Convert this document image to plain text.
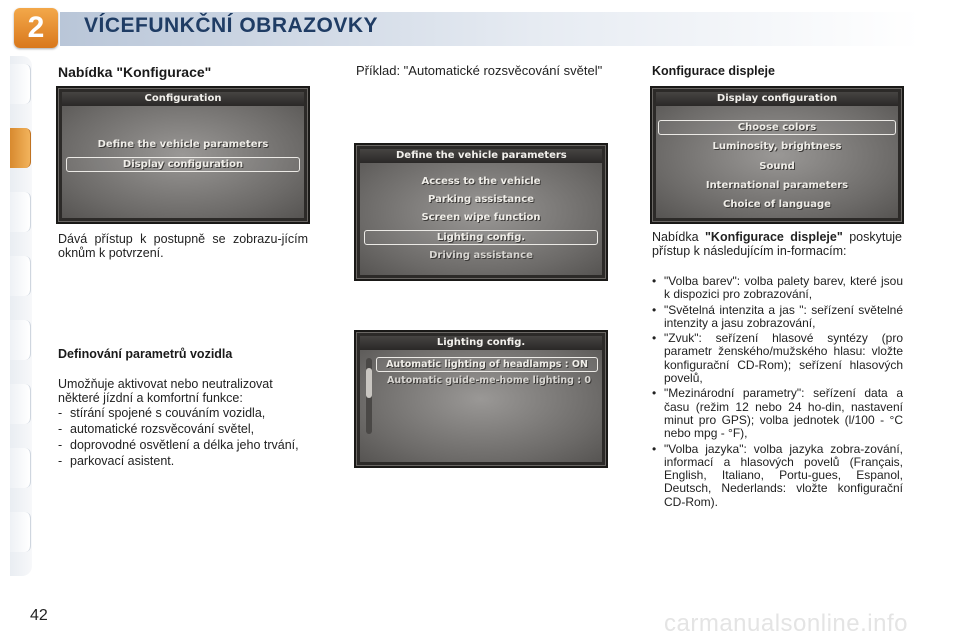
2	VÍCEFUNKČNÍ OBRAZOVKY
Nabídka "Konfigurace"
Configuration
Define the vehicle parameters
Display configuration
Dává přístup k postupně se zobrazu-jícím oknům k potvrzení.
Definování parametrů vozidla
Umožňuje aktivovat nebo neutralizovat některé jízdní a komfortní funkce:
- stírání spojené s couváním vozidla,
- automatické rozsvěcování světel,
- doprovodné osvětlení a délka jeho trvání,
- parkovací asistent.
Příklad: "Automatické rozsvěcování světel"
Define the vehicle parameters
Access to the vehicle
Parking assistance
Screen wipe function
Lighting config.
Driving assistance
Lighting config.
Automatic lighting of headlamps : ON
Automatic guide-me-home lighting : 0
Konfigurace displeje
Display configuration
Choose colors
Luminosity, brightness
Sound
International parameters
Choice of language
Nabídka "Konfigurace displeje" poskytuje přístup k následujícím in-formacím:
• "Volba barev": volba palety barev, které jsou k dispozici pro zobrazování,
• "Světelná intenzita a jas ": seřízení světelné intenzity a jasu zobrazování,
• "Zvuk": seřízení hlasové syntézy (pro parametr ženského/mužského hlasu: vložte konfigurační CD-Rom); seřízení hlasových povelů,
• "Mezinárodní parametry": seřízení data a času (režim 12 nebo 24 ho-din, nastavení minut pro GPS); volba jednotek (l/100 - °C nebo mpg - °F),
• "Volba jazyka": volba jazyka zobra-zování, informací a hlasových povelů (Français, English, Italiano, Portu-gues, Espanol, Deutsch, Nederlands: vložte konfigurační CD-Rom).
42	carmanualsonline.info
